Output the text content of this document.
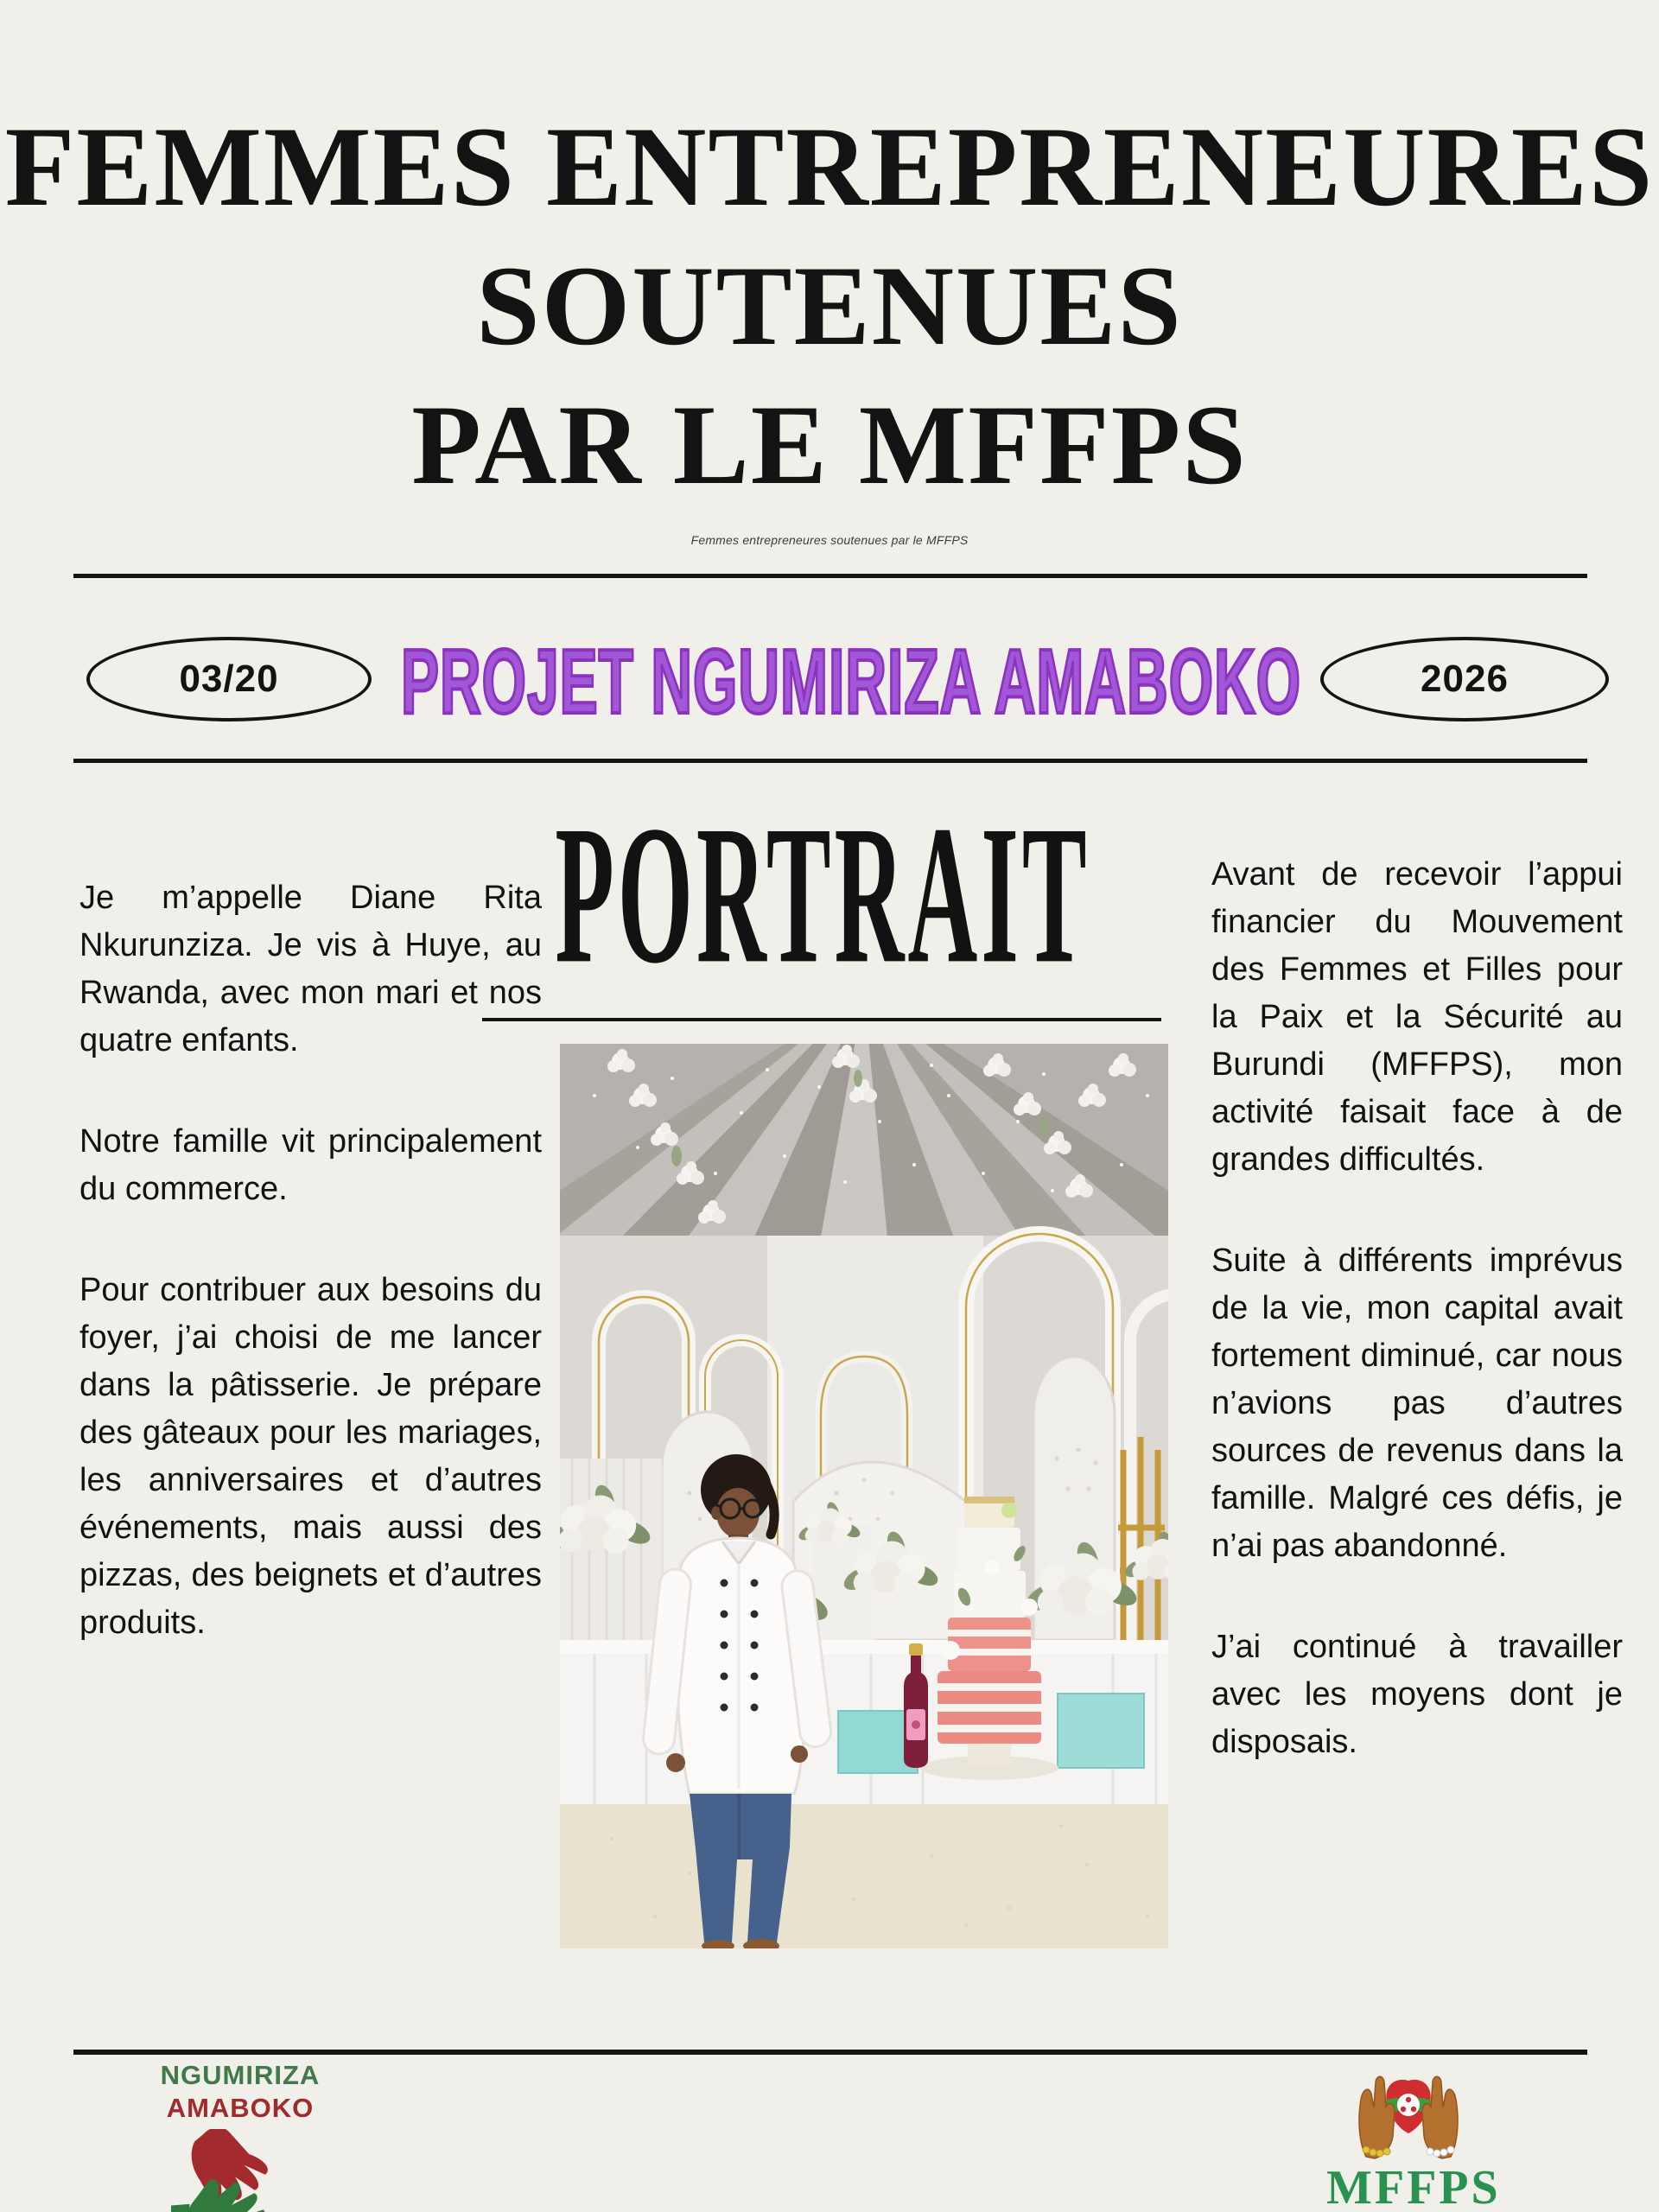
FEMMES ENTREPRENEURES
SOUTENUES
PAR LE MFFPS
Femmes entrepreneures soutenues par le MFFPS
03/20 PROJET NGUMIRIZA AMABOKO	2026

Je m’appelle Diane Rita Nkurunziza. Je vis à Huye, au Rwanda, avec mon mari et nos quatre enfants.

Notre famille vit principalement du commerce.

Pour contribuer aux besoins du foyer, j’ai choisi de me lancer dans la pâtisserie. Je prépare des gâteaux pour les mariages, les anniversaires et d’autres événements, mais aussi des pizzas, des beignets et d’autres produits.

PORTRAIT	Avant de recevoir l’appui financier du Mouvement des Femmes et Filles pour la Paix et la Sécurité au Burundi (MFFPS), mon activité faisait face à de grandes difficultés.

Suite à différents imprévus de la vie, mon capital avait fortement diminué, car nous n’avions pas d’autres sources de revenus dans la famille. Malgré ces défis, je n’ai pas abandonné.

J’ai continué à travailler avec les moyens dont je disposais.

NGUMIRIZA
AMABOKO
MFFPS
